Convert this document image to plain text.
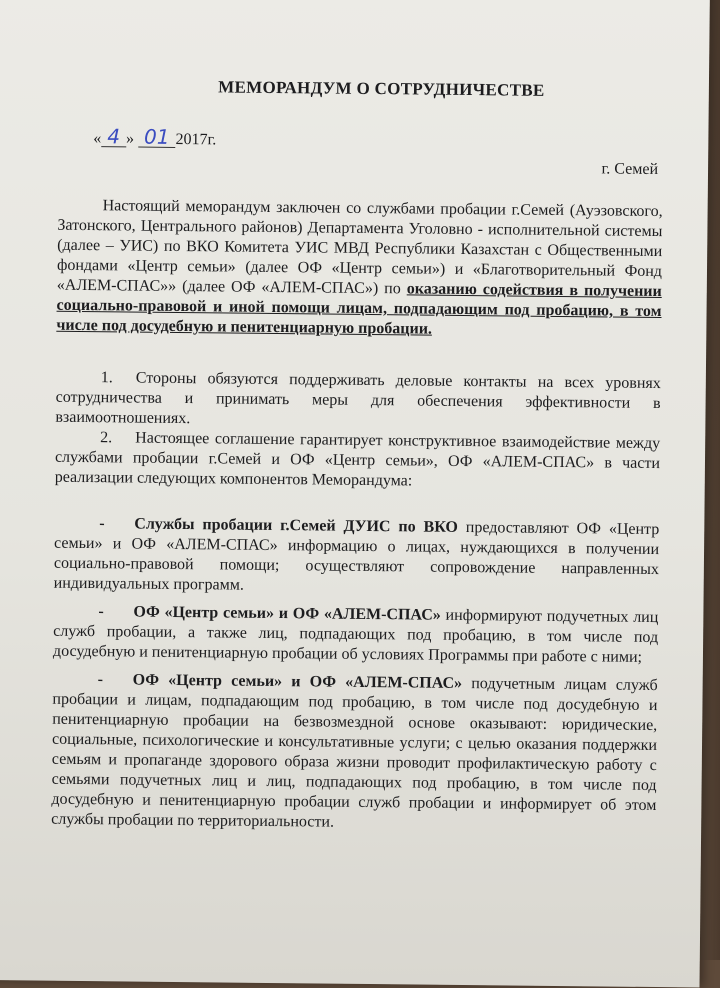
МЕМОРАНДУМ О СОТРУДНИЧЕСТВЕ
« 4 » 01 2017г.
г. Семей

Настоящий меморандум заключен со службами пробации г.Семей (Ауэзовского, Затонского, Центрального районов) Департамента Уголовно - исполнительной системы (далее – УИС) по ВКО Комитета УИС МВД Республики Казахстан с Общественными фондами «Центр семьи» (далее ОФ «Центр семьи») и «Благотворительный Фонд «АЛЕМ-СПАС»» (далее ОФ «АЛЕМ-СПАС») по оказанию содействия в получении социально-правовой и иной помощи лицам, подпадающим под пробацию, в том числе под досудебную и пенитенциарную пробации.

1. Стороны обязуются поддерживать деловые контакты на всех уровнях сотрудничества и принимать меры для обеспечения эффективности в взаимоотношениях.

2. Настоящее соглашение гарантирует конструктивное взаимодействие между службами пробации г.Семей и ОФ «Центр семьи», ОФ «АЛЕМ-СПАС» в части реализации следующих компонентов Меморандума:

- Службы пробации г.Семей ДУИС по ВКО предоставляют ОФ «Центр семьи» и ОФ «АЛЕМ-СПАС» информацию о лицах, нуждающихся в получении социально-правовой помощи; осуществляют сопровождение направленных индивидуальных программ.

- ОФ «Центр семьи» и ОФ «АЛЕМ-СПАС» информируют подучетных лиц служб пробации, а также лиц, подпадающих под пробацию, в том числе под досудебную и пенитенциарную пробации об условиях Программы при работе с ними;

- ОФ «Центр семьи» и ОФ «АЛЕМ-СПАС» подучетным лицам служб пробации и лицам, подпадающим под пробацию, в том числе под досудебную и пенитенциарную пробации на безвозмездной основе оказывают: юридические, социальные, психологические и консультативные услуги; с целью оказания поддержки семьям и пропаганде здорового образа жизни проводит профилактическую работу с семьями подучетных лиц и лиц, подпадающих под пробацию, в том числе под досудебную и пенитенциарную пробации служб пробации и информирует об этом службы пробации по территориальности.
